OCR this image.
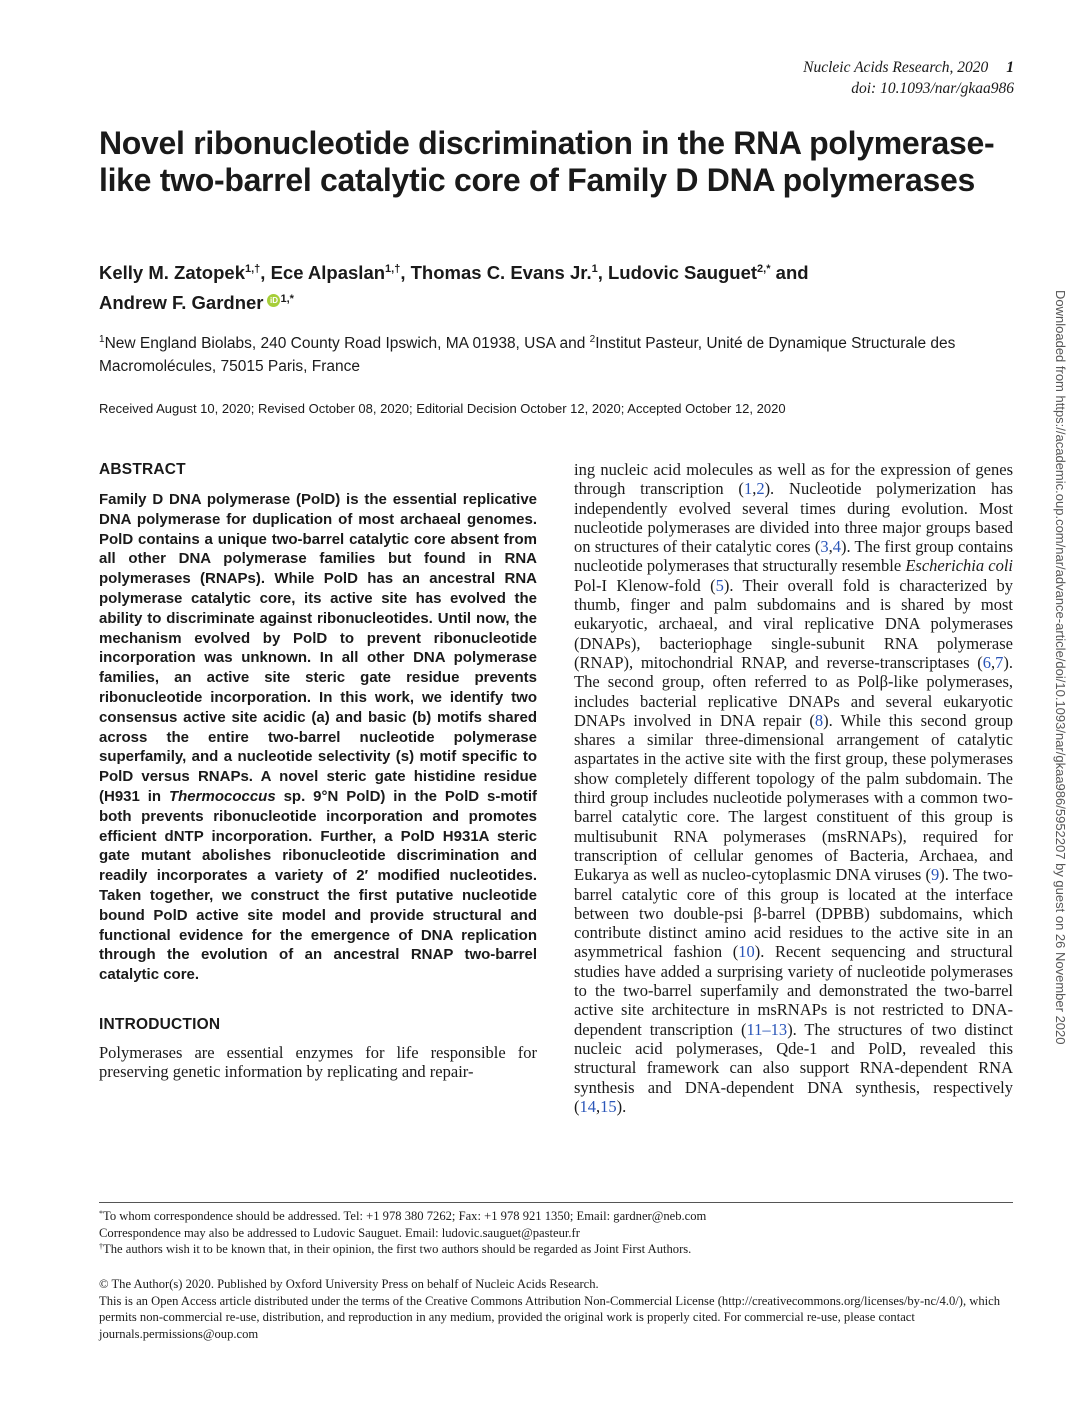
Nucleic Acids Research, 2020 1
doi: 10.1093/nar/gkaa986
Novel ribonucleotide discrimination in the RNA polymerase-like two-barrel catalytic core of Family D DNA polymerases
Kelly M. Zatopek$^{1,\dagger}$, Ece Alpaslan$^{1,\dagger}$, Thomas C. Evans Jr.$^1$, Ludovic Sauguet$^{2,*}$ and
Andrew F. Gardner iD $^{1,*}$
$^1$New England Biolabs, 240 County Road Ipswich, MA 01938, USA and $^2$Institut Pasteur, Unité de Dynamique Structurale des Macromolécules, 75015 Paris, France
Received August 10, 2020; Revised October 08, 2020; Editorial Decision October 12, 2020; Accepted October 12, 2020
ABSTRACT

Family D DNA polymerase (PolD) is the essential replicative DNA polymerase for duplication of most archaeal genomes. PolD contains a unique two-barrel catalytic core absent from all other DNA polymerase families but found in RNA polymerases (RNAPs). While PolD has an ancestral RNA polymerase catalytic core, its active site has evolved the ability to discriminate against ribonucleotides. Until now, the mechanism evolved by PolD to prevent ribonucleotide incorporation was unknown. In all other DNA polymerase families, an active site steric gate residue prevents ribonucleotide incorporation. In this work, we identify two consensus active site acidic (a) and basic (b) motifs shared across the entire two-barrel nucleotide polymerase superfamily, and a nucleotide selectivity (s) motif specific to PolD versus RNAPs. A novel steric gate histidine residue (H931 in Thermococcus sp. 9°N PolD) in the PolD s-motif both prevents ribonucleotide incorporation and promotes efficient dNTP incorporation. Further, a PolD H931A steric gate mutant abolishes ribonucleotide discrimination and readily incorporates a variety of 2′ modified nucleotides. Taken together, we construct the first putative nucleotide bound PolD active site model and provide structural and functional evidence for the emergence of DNA replication through the evolution of an ancestral RNAP two-barrel catalytic core.

INTRODUCTION

Polymerases are essential enzymes for life responsible for preserving genetic information by replicating and repair-

ing nucleic acid molecules as well as for the expression of genes through transcription (1,2). Nucleotide polymerization has independently evolved several times during evolution. Most nucleotide polymerases are divided into three major groups based on structures of their catalytic cores (3,4). The first group contains nucleotide polymerases that structurally resemble Escherichia coli Pol-I Klenow-fold (5). Their overall fold is characterized by thumb, finger and palm subdomains and is shared by most eukaryotic, archaeal, and viral replicative DNA polymerases (DNAPs), bacteriophage single-subunit RNA polymerase (RNAP), mitochondrial RNAP, and reverse-transcriptases (6,7). The second group, often referred to as Polβ-like polymerases, includes bacterial replicative DNAPs and several eukaryotic DNAPs involved in DNA repair (8). While this second group shares a similar three-dimensional arrangement of catalytic aspartates in the active site with the first group, these polymerases show completely different topology of the palm subdomain. The third group includes nucleotide polymerases with a common two-barrel catalytic core. The largest constituent of this group is multisubunit RNA polymerases (msRNAPs), required for transcription of cellular genomes of Bacteria, Archaea, and Eukarya as well as nucleo-cytoplasmic DNA viruses (9). The two-barrel catalytic core of this group is located at the interface between two double-psi β-barrel (DPBB) subdomains, which contribute distinct amino acid residues to the active site in an asymmetrical fashion (10). Recent sequencing and structural studies have added a surprising variety of nucleotide polymerases to the two-barrel superfamily and demonstrated the two-barrel active site architecture in msRNAPs is not restricted to DNA-dependent transcription (11–13). The structures of two distinct nucleic acid polymerases, Qde-1 and PolD, revealed this structural framework can also support RNA-dependent RNA synthesis and DNA-dependent DNA synthesis, respectively (14,15).

*To whom correspondence should be addressed. Tel: +1 978 380 7262; Fax: +1 978 921 1350; Email: gardner@neb.com
Correspondence may also be addressed to Ludovic Sauguet. Email: ludovic.sauguet@pasteur.fr
†The authors wish it to be known that, in their opinion, the first two authors should be regarded as Joint First Authors.
© The Author(s) 2020. Published by Oxford University Press on behalf of Nucleic Acids Research.
This is an Open Access article distributed under the terms of the Creative Commons Attribution Non-Commercial License (http://creativecommons.org/licenses/by-nc/4.0/), which permits non-commercial re-use, distribution, and reproduction in any medium, provided the original work is properly cited. For commercial re-use, please contact journals.permissions@oup.com
Downloaded from https://academic.oup.com/nar/advance-article/doi/10.1093/nar/gkaa986/5952207 by guest on 26 November 2020
